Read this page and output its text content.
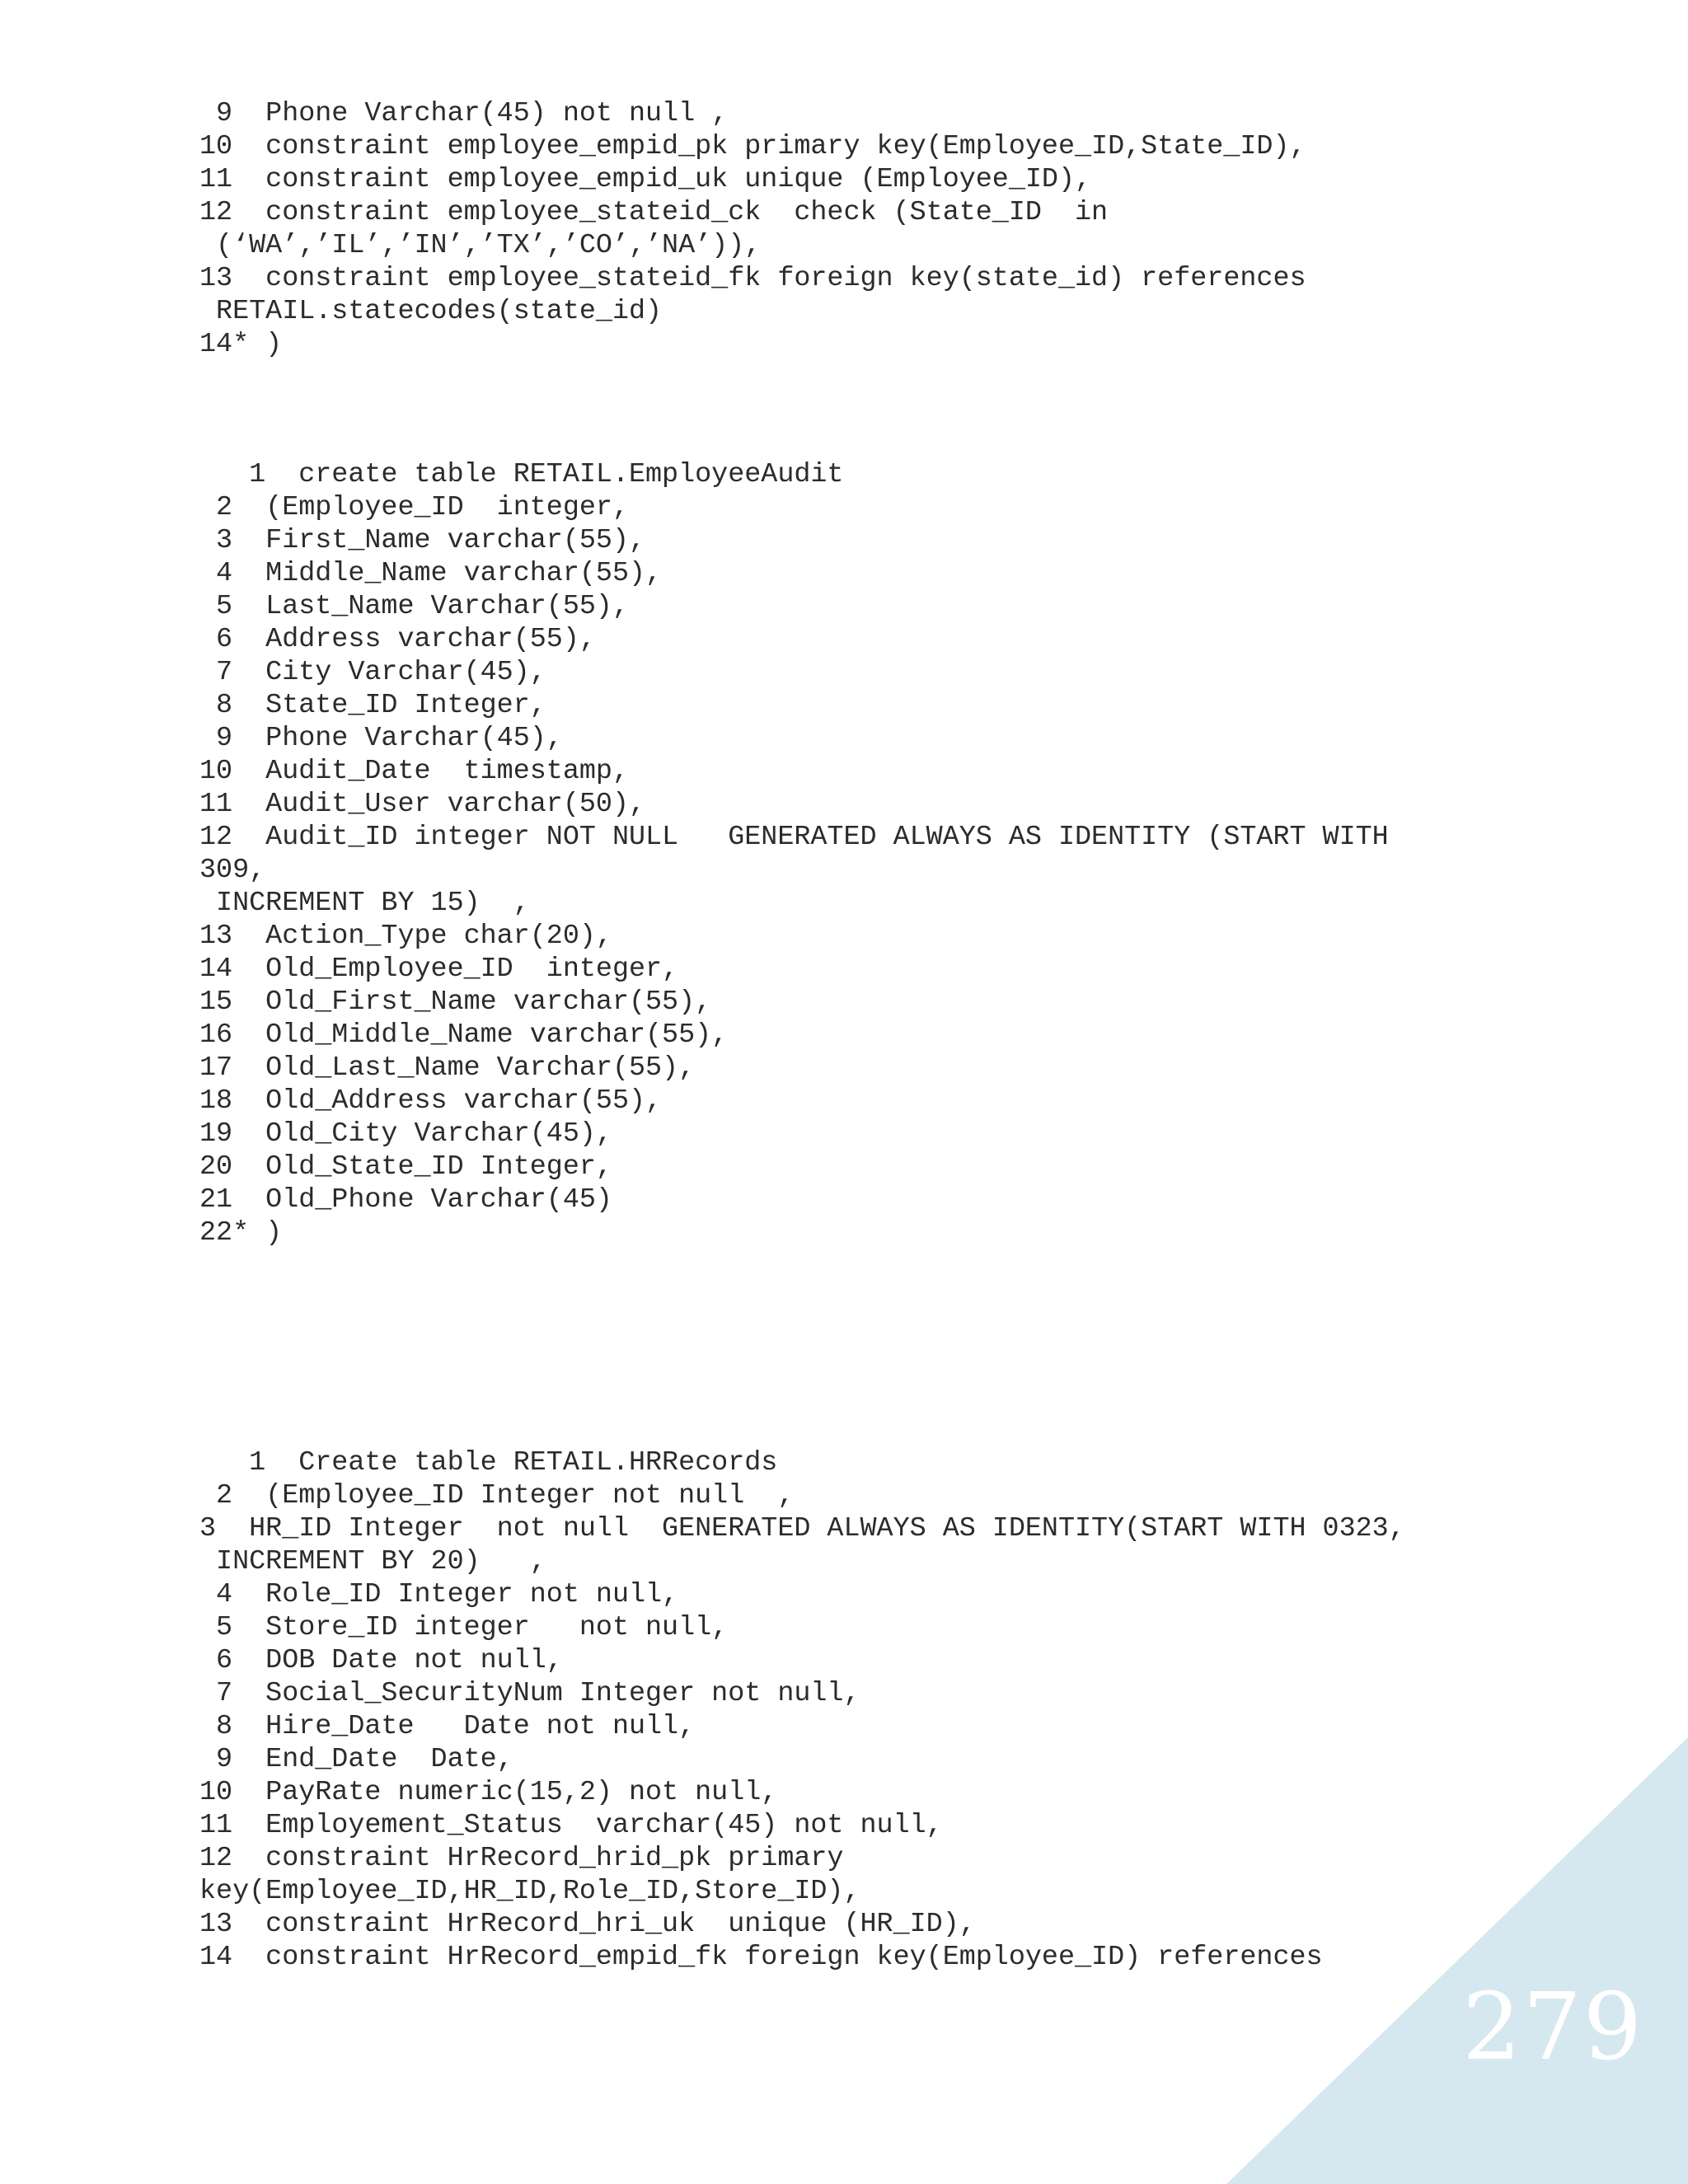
9  Phone Varchar(45) not null ,
10  constraint employee_empid_pk primary key(Employee_ID,State_ID),
11  constraint employee_empid_uk unique (Employee_ID),
12  constraint employee_stateid_ck  check (State_ID  in
(‘WA’,’IL’,’IN’,’TX’,’CO’,’NA’)),
13  constraint employee_stateid_fk foreign key(state_id) references
RETAIL.statecodes(state_id)
14* )
1  create table RETAIL.EmployeeAudit
2  (Employee_ID  integer,
3  First_Name varchar(55),
4  Middle_Name varchar(55),
5  Last_Name Varchar(55),
6  Address varchar(55),
7  City Varchar(45),
8  State_ID Integer,
9  Phone Varchar(45),
10  Audit_Date  timestamp,
11  Audit_User varchar(50),
12  Audit_ID integer NOT NULL   GENERATED ALWAYS AS IDENTITY (START WITH
309,
INCREMENT BY 15)  ,
13  Action_Type char(20),
14  Old_Employee_ID  integer,
15  Old_First_Name varchar(55),
16  Old_Middle_Name varchar(55),
17  Old_Last_Name Varchar(55),
18  Old_Address varchar(55),
19  Old_City Varchar(45),
20  Old_State_ID Integer,
21  Old_Phone Varchar(45)
22* )
1  Create table RETAIL.HRRecords
2  (Employee_ID Integer not null  ,
3  HR_ID Integer  not null  GENERATED ALWAYS AS IDENTITY(START WITH 0323,
INCREMENT BY 20)   ,
4  Role_ID Integer not null,
5  Store_ID integer   not null,
6  DOB Date not null,
7  Social_SecurityNum Integer not null,
8  Hire_Date   Date not null,
9  End_Date  Date,
10  PayRate numeric(15,2) not null,
11  Employement_Status  varchar(45) not null,
12  constraint HrRecord_hrid_pk primary
key(Employee_ID,HR_ID,Role_ID,Store_ID),
13  constraint HrRecord_hri_uk  unique (HR_ID),
14  constraint HrRecord_empid_fk foreign key(Employee_ID) references
279
